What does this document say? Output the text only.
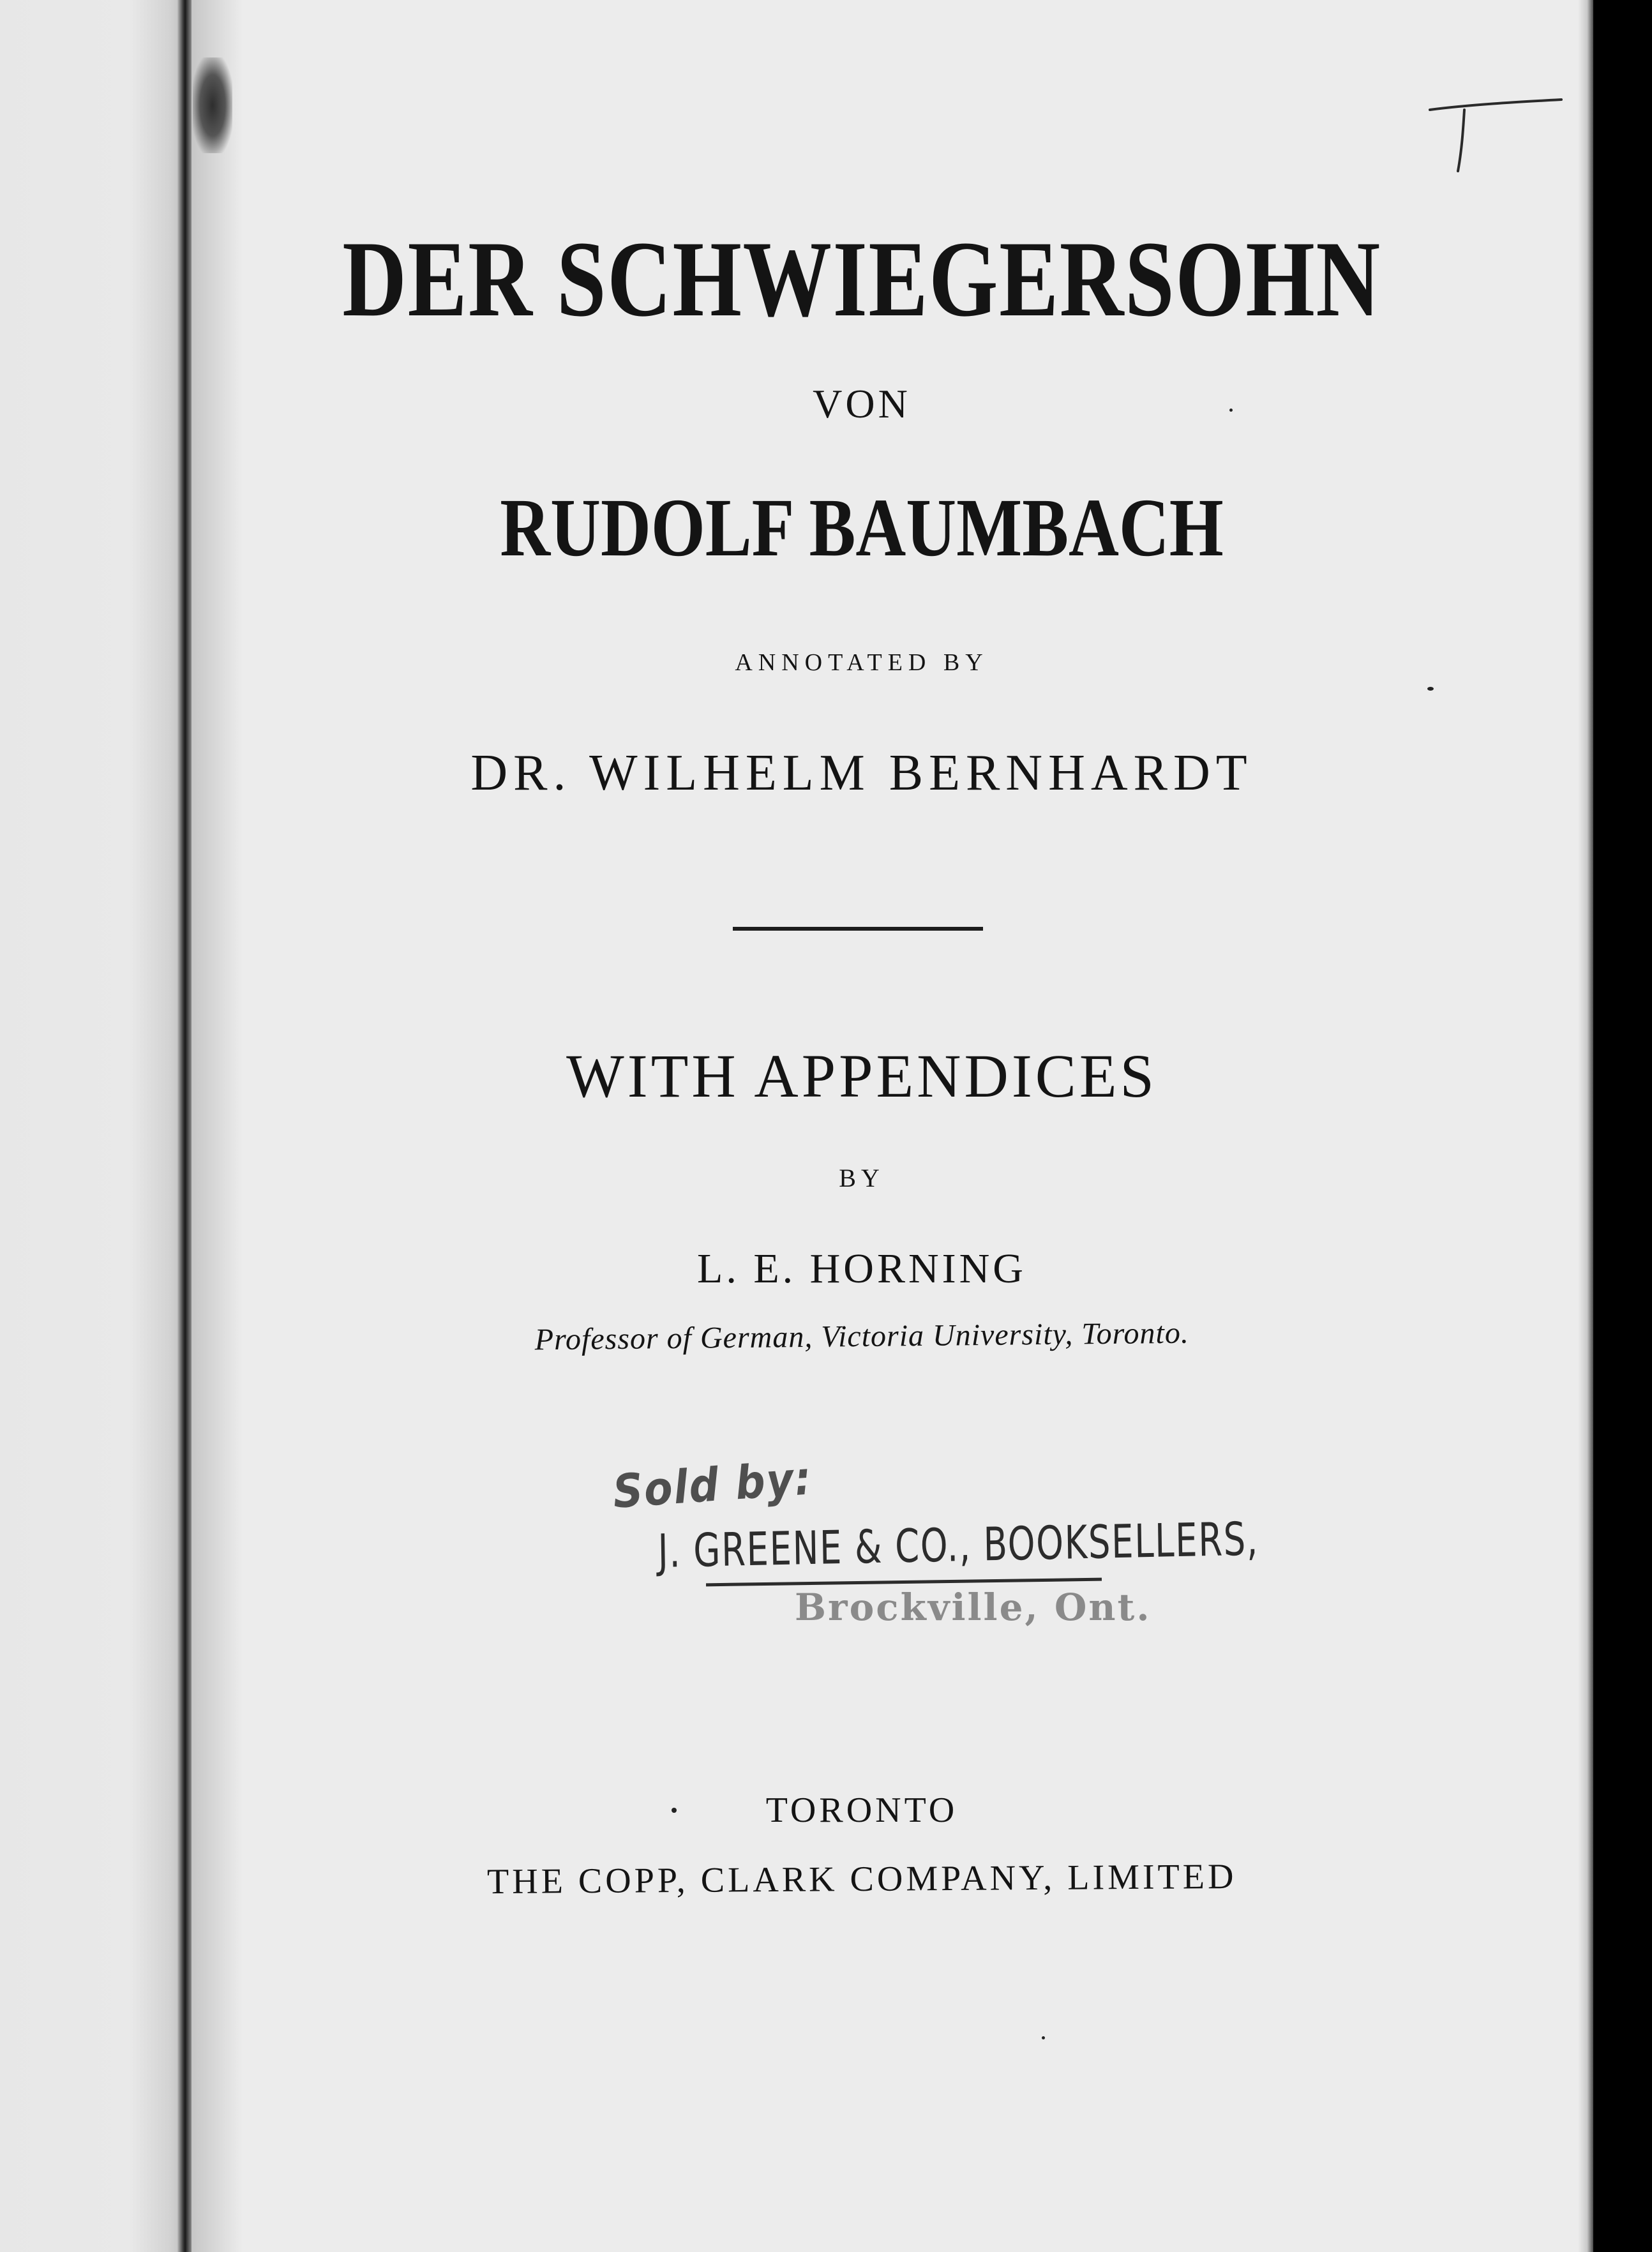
DER SCHWIEGERSOHN

VON

RUDOLF BAUMBACH

ANNOTATED BY

DR. WILHELM BERNHARDT

WITH APPENDICES

BY

L. E. HORNING

Professor of German, Victoria University, Toronto.

Sold by:

J. GREENE & CO., BOOKSELLERS,

Brockville, Ont.

TORONTO

THE COPP, CLARK COMPANY, LIMITED
